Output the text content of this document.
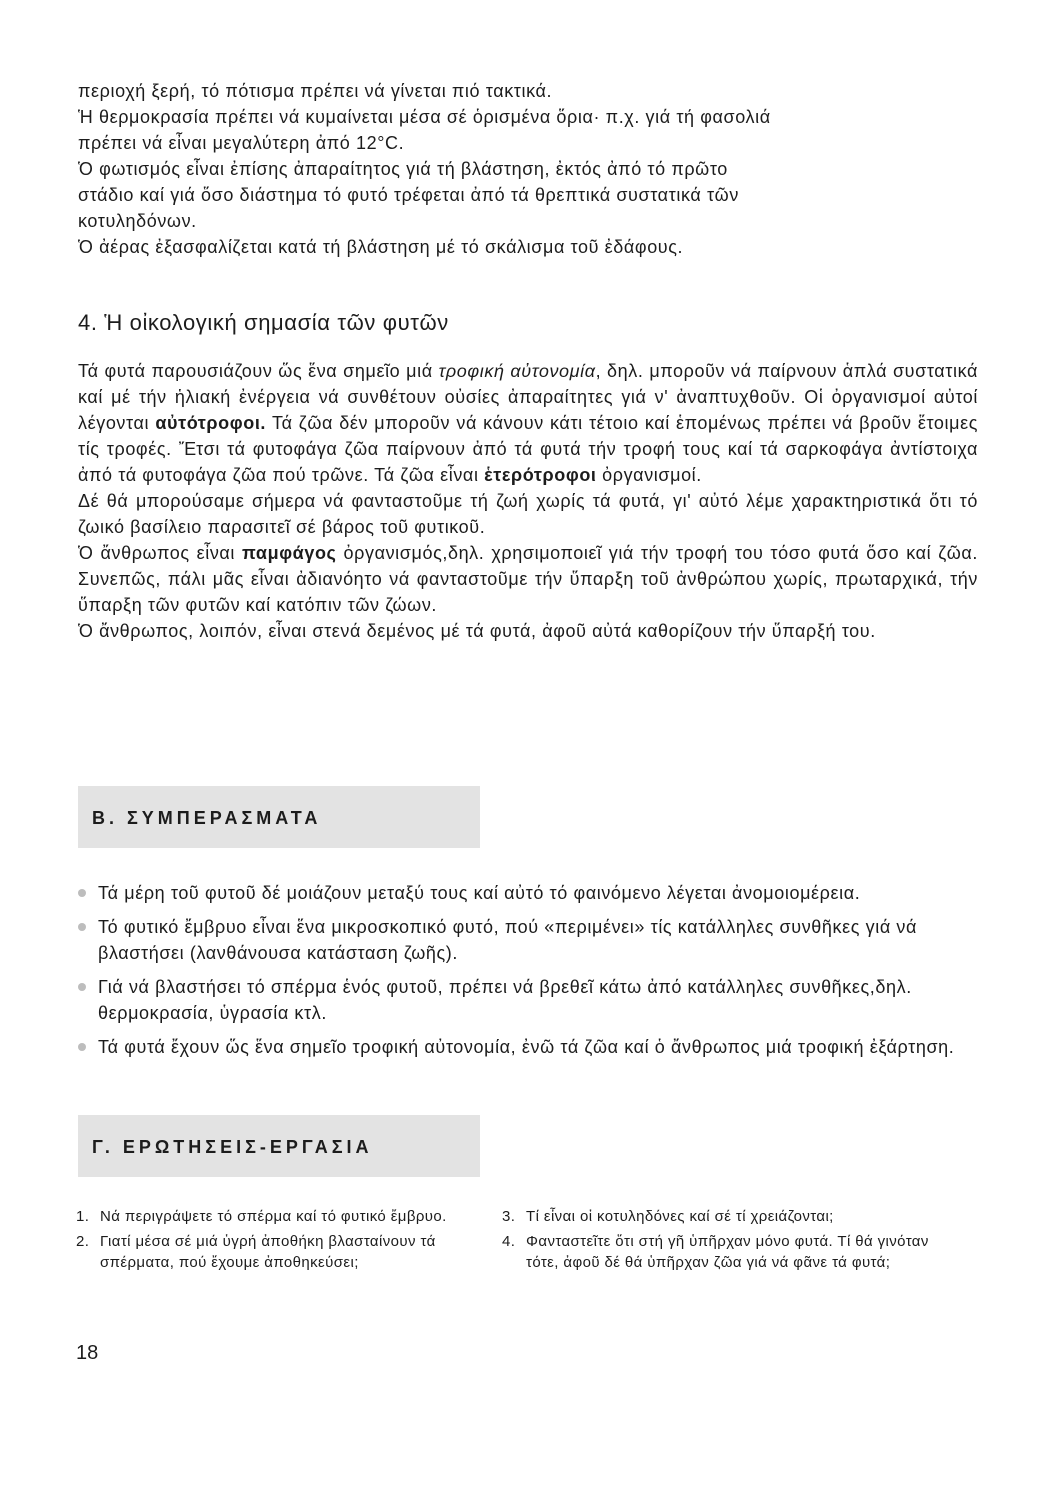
περιοχή ξερή, τό πότισμα πρέπει νά γίνεται πιό τακτικά.
Ἡ θερμοκρασία πρέπει νά κυμαίνεται μέσα σέ ὁρισμένα ὅρια· π.χ. γιά τή φασολιά
πρέπει νά εἶναι μεγαλύτερη ἀπό 12°C.
Ὁ φωτισμός εἶναι ἐπίσης ἀπαραίτητος γιά τή βλάστηση, ἐκτός ἀπό τό πρῶτο
στάδιο καί γιά ὅσο διάστημα τό φυτό τρέφεται ἀπό τά θρεπτικά συστατικά τῶν
κοτυληδόνων.
Ὁ ἀέρας ἐξασφαλίζεται κατά τή βλάστηση μέ τό σκάλισμα τοῦ ἐδάφους.
4. Ἡ οἰκολογική σημασία τῶν φυτῶν
Τά φυτά παρουσιάζουν ὥς ἕνα σημεῖο μιά τροφική αὐτονομία, δηλ. μποροῦν νά παίρνουν ἁπλά συστατικά καί μέ τήν ἡλιακή ἐνέργεια νά συνθέτουν οὐσίες ἀπαραίτητες γιά ν' ἀναπτυχθοῦν. Οἱ ὀργανισμοί αὐτοί λέγονται αὐτότροφοι. Τά ζῶα δέν μποροῦν νά κάνουν κάτι τέτοιο καί ἑπομένως πρέπει νά βροῦν ἕτοιμες τίς τροφές. Ἔτσι τά φυτοφάγα ζῶα παίρνουν ἀπό τά φυτά τήν τροφή τους καί τά σαρκοφάγα ἀντίστοιχα ἀπό τά φυτοφάγα ζῶα πού τρῶνε. Τά ζῶα εἶναι ἑτερότροφοι ὀργανισμοί.
Δέ θά μπορούσαμε σήμερα νά φανταστοῦμε τή ζωή χωρίς τά φυτά, γι' αὐτό λέμε χαρακτηριστικά ὅτι τό ζωικό βασίλειο παρασιτεῖ σέ βάρος τοῦ φυτικοῦ.
Ὁ ἄνθρωπος εἶναι παμφάγος ὀργανισμός,δηλ. χρησιμοποιεῖ γιά τήν τροφή του τόσο φυτά ὅσο καί ζῶα. Συνεπῶς, πάλι μᾶς εἶναι ἀδιανόητο νά φανταστοῦμε τήν ὕπαρξη τοῦ ἀνθρώπου χωρίς, πρωταρχικά, τήν ὕπαρξη τῶν φυτῶν καί κατόπιν τῶν ζώων.
Ὁ ἄνθρωπος, λοιπόν, εἶναι στενά δεμένος μέ τά φυτά, ἀφοῦ αὐτά καθορίζουν τήν ὕπαρξή του.
Β. ΣΥΜΠΕΡΑΣΜΑΤΑ
Τά μέρη τοῦ φυτοῦ δέ μοιάζουν μεταξύ τους καί αὐτό τό φαινόμενο λέγεται ἀνομοιομέρεια.
Τό φυτικό ἔμβρυο εἶναι ἕνα μικροσκοπικό φυτό, πού «περιμένει» τίς κατάλληλες συνθῆκες γιά νά βλαστήσει (λανθάνουσα κατάσταση ζωῆς).
Γιά νά βλαστήσει τό σπέρμα ἑνός φυτοῦ, πρέπει νά βρεθεῖ κάτω ἀπό κατάλληλες συνθῆκες,δηλ. θερμοκρασία, ὑγρασία κτλ.
Τά φυτά ἔχουν ὥς ἕνα σημεῖο τροφική αὐτονομία, ἐνῶ τά ζῶα καί ὁ ἄνθρωπος μιά τροφική ἐξάρτηση.
Γ. ΕΡΩΤΗΣΕΙΣ-ΕΡΓΑΣΙΑ
1. Νά περιγράψετε τό σπέρμα καί τό φυτικό ἔμβρυο.
2. Γιατί μέσα σέ μιά ὑγρή ἀποθήκη βλασταίνουν τά σπέρματα, πού ἔχουμε ἀποθηκεύσει;
3. Τί εἶναι οἱ κοτυληδόνες καί σέ τί χρειάζονται;
4. Φανταστεῖτε ὅτι στή γῆ ὑπῆρχαν μόνο φυτά. Τί θά γινόταν τότε, ἀφοῦ δέ θά ὑπῆρχαν ζῶα γιά νά φᾶνε τά φυτά;
18
